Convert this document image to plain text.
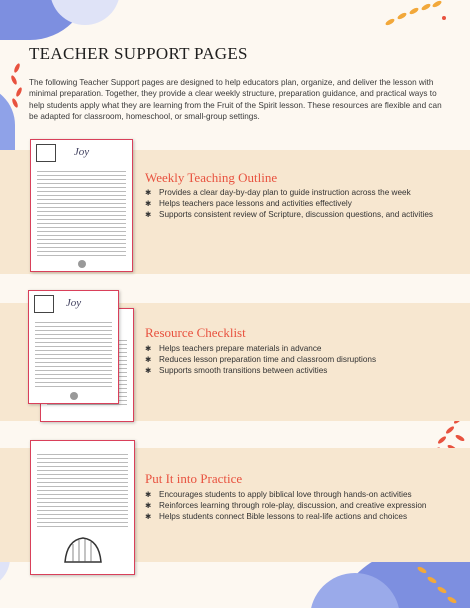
TEACHER SUPPORT PAGES

The following Teacher Support pages are designed to help educators plan, organize, and deliver the lesson with minimal preparation. Together, they provide a clear weekly structure, preparation guidance, and practical ways to help students apply what they are learning from the Fruit of the Spirit lesson. These resources are flexible and can be adapted for classroom, homeschool, or small-group settings.

Joy
Weekly Teaching Outline
✱ Provides a clear day-by-day plan to guide instruction across the week
✱ Helps teachers pace lessons and activities effectively
✱ Supports consistent review of Scripture, discussion questions, and activities
Joy
Resource Checklist
✱ Helps teachers prepare materials in advance
✱ Reduces lesson preparation time and classroom disruptions
✱ Supports smooth transitions between activities
Put It into Practice
✱ Encourages students to apply biblical love through hands-on activities
✱ Reinforces learning through role-play, discussion, and creative expression
✱ Helps students connect Bible lessons to real-life actions and choices
